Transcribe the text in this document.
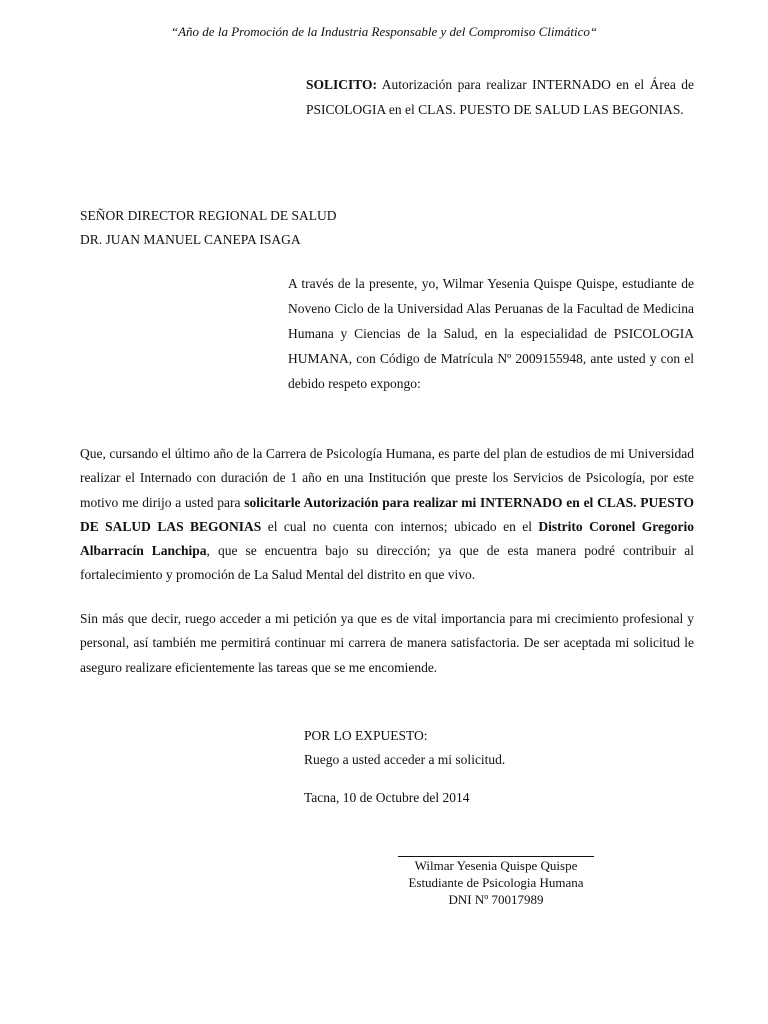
“Año de la Promoción de la Industria Responsable y del Compromiso Climático“
SOLICITO: Autorización para realizar INTERNADO en el Área de PSICOLOGIA en el CLAS. PUESTO DE SALUD LAS BEGONIAS.
SEÑOR DIRECTOR REGIONAL DE SALUD
DR. JUAN MANUEL CANEPA ISAGA

A través de la presente, yo, Wilmar Yesenia Quispe Quispe, estudiante de Noveno Ciclo de la Universidad Alas Peruanas de la Facultad de Medicina Humana y Ciencias de la Salud, en la especialidad de PSICOLOGIA HUMANA, con Código de Matrícula Nº 2009155948, ante usted y con el debido respeto expongo:

Que, cursando el último año de la Carrera de Psicología Humana, es parte del plan de estudios de mi Universidad realizar el Internado con duración de 1 año en una Institución que preste los Servicios de Psicología, por este motivo me dirijo a usted para solicitarle Autorización para realizar mi INTERNADO en el CLAS. PUESTO DE SALUD LAS BEGONIAS el cual no cuenta con internos; ubicado en el Distrito Coronel Gregorio Albarracín Lanchipa, que se encuentra bajo su dirección; ya que de esta manera podré contribuir al fortalecimiento y promoción de La Salud Mental del distrito en que vivo.

Sin más que decir, ruego acceder a mi petición ya que es de vital importancia para mi crecimiento profesional y personal, así también me permitirá continuar mi carrera de manera satisfactoria. De ser aceptada mi solicitud le aseguro realizare eficientemente las tareas que se me encomiende.

POR LO EXPUESTO:
Ruego a usted acceder a mi solicitud.
Tacna, 10 de Octubre del 2014
Wilmar Yesenia Quispe Quispe
Estudiante de Psicologia Humana
DNI Nº 70017989
